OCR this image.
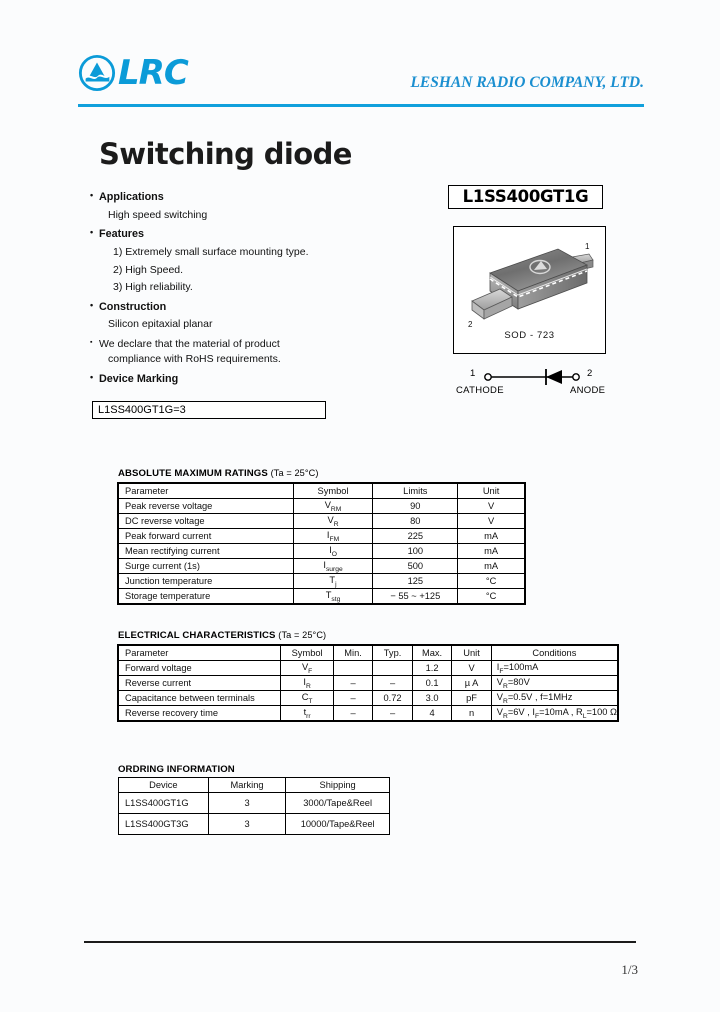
LRC	LESHAN RADIO COMPANY, LTD.
Switching diode
• Applications
High speed switching
• Features
1) Extremely small surface mounting type.
2) High Speed.
3) High reliability.
• Construction
Silicon epitaxial planar
▪ We declare that the material of product
compliance with RoHS requirements.
• Device Marking
L1SS400GT1G=3
L1SS400GT1G
1
2
SOD - 723
1	2
CATHODE	ANODE
ABSOLUTE MAXIMUM RATINGS (Ta = 25°C)
Parameter	Symbol	Limits	Unit
Peak reverse voltage	$V_{RM}$	90	V
DC reverse voltage	$V_R$	80	V
Peak forward current	$I_{FM}$	225	mA
Mean rectifying current	$I_O$	100	mA
Surge current (1s)	$I_{surge}$	500	mA
Junction temperature	$T_j$	125	°C
Storage temperature	$T_{stg}$	− 55 ~ +125	°C
ELECTRICAL CHARACTERISTICS (Ta = 25°C)
Parameter	Symbol	Min.	Typ.	Max.	Unit	Conditions
Forward voltage	$V_F$			1.2	V	$I_F=100mA$
Reverse current	$I_R$	–	–	0.1	µ A	$V_R=80V$
Capacitance between terminals	$C_T$	–	0.72	3.0	pF	$V_R=0.5V$ , f=1MHz
Reverse recovery time	$t_{rr}$	–	–	4	n	$V_R=6V$ , $I_F=10mA$ , $R_L=100$ Ω
ORDRING INFORMATION
Device	Marking	Shipping
L1SS400GT1G	3	3000/Tape&Reel
L1SS400GT3G	3	10000/Tape&Reel
1/3
